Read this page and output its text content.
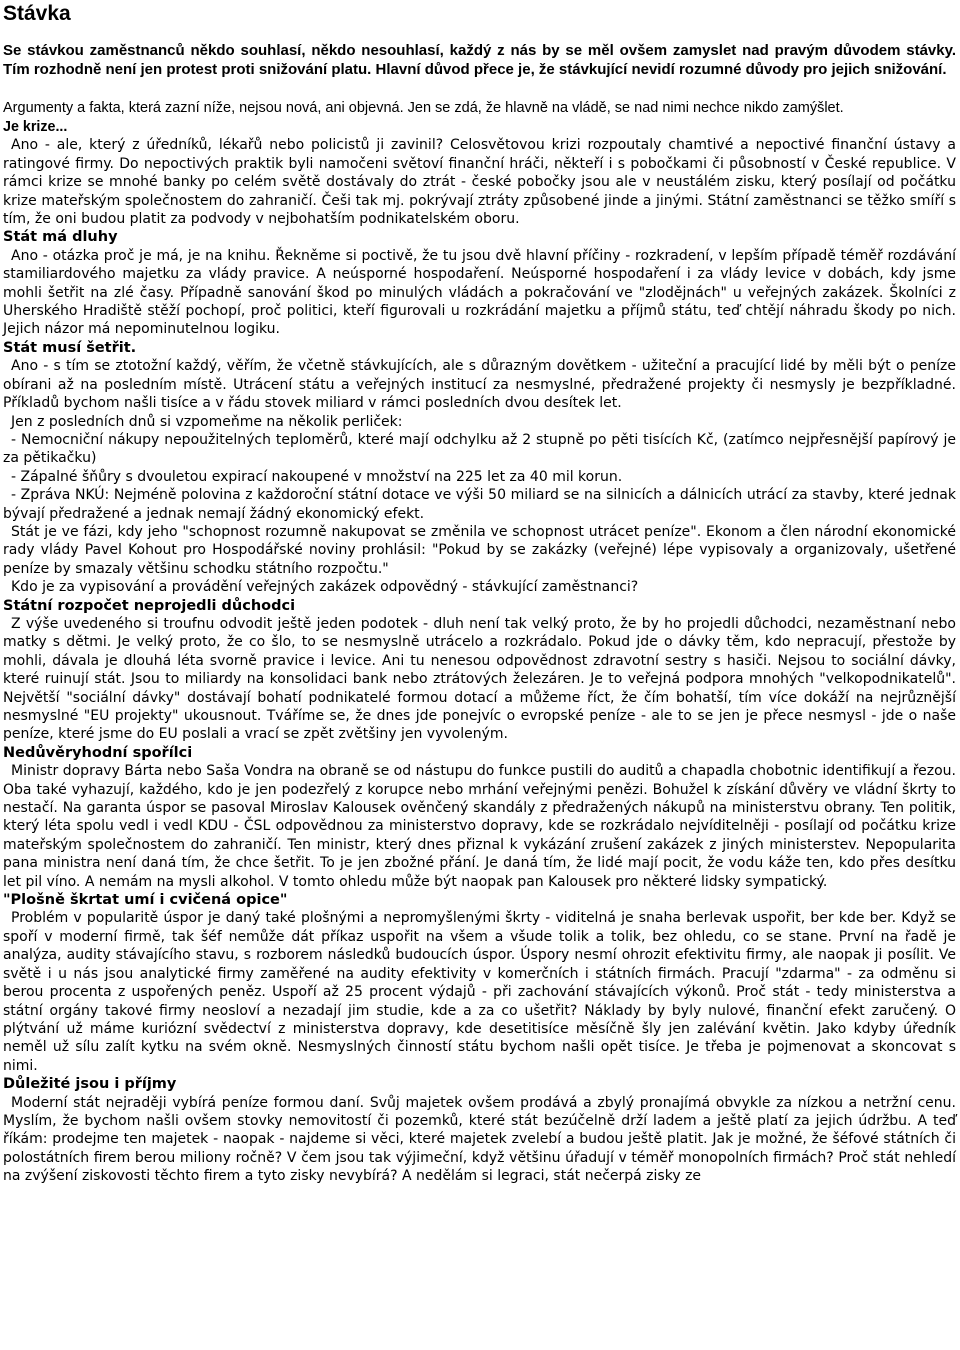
Stávka

Se stávkou zaměstnanců někdo souhlasí, někdo nesouhlasí, každý z nás by se měl ovšem zamyslet nad pravým důvodem stávky. Tím rozhodně není jen protest proti snižování platu. Hlavní důvod přece je, že stávkující nevidí rozumné důvody pro jejich snižování.

Argumenty a fakta, která zazní níže, nejsou nová, ani objevná. Jen se zdá, že hlavně na vládě, se nad nimi nechce nikdo zamýšlet.

Je krize...

Ano - ale, který z úředníků, lékařů nebo policistů ji zavinil? Celosvětovou krizi rozpoutaly chamtivé a nepoctivé finanční ústavy a ratingové firmy. Do nepoctivých praktik byli namočeni světoví finanční hráči, někteří i s pobočkami či působností v České republice. V rámci krize se mnohé banky po celém světě dostávaly do ztrát - české pobočky jsou ale v neustálém zisku, který posílají od počátku krize mateřským společnostem do zahraničí. Češi tak mj. pokrývají ztráty způsobené jinde a jinými. Státní zaměstnanci se těžko smíří s tím, že oni budou platit za podvody v nejbohatším podnikatelském oboru.

Stát má dluhy

Ano - otázka proč je má, je na knihu. Řekněme si poctivě, že tu jsou dvě hlavní příčiny - rozkradení, v lepším případě téměř rozdávání stamiliardového majetku za vlády pravice. A neúsporné hospodaření. Neúsporné hospodaření i za vlády levice v dobách, kdy jsme mohli šetřit na zlé časy. Případně sanování škod po minulých vládách a pokračování ve "zlodějnách" u veřejných zakázek. Školníci z Uherského Hradiště stěží pochopí, proč politici, kteří figurovali u rozkrádání majetku a příjmů státu, teď chtějí náhradu škody po nich. Jejich názor má nepominutelnou logiku.

Stát musí šetřit.

Ano - s tím se ztotožní každý, věřím, že včetně stávkujících, ale s důrazným dovětkem - užiteční a pracující lidé by měli být o peníze obírani až na posledním místě. Utrácení státu a veřejných institucí za nesmyslné, předražené projekty či nesmysly je bezpříkladné. Příkladů bychom našli tisíce a v řádu stovek miliard v rámci posledních dvou desítek let.

Jen z posledních dnů si vzpomeňme na několik perliček:

- Nemocniční nákupy nepoužitelných teploměrů, které mají odchylku až 2 stupně po pěti tisících Kč, (zatímco nejpřesnější papírový je za pětikačku)

- Zápalné šňůry s dvouletou expirací nakoupené v množství na 225 let za 40 mil korun.

- Zpráva NKÚ: Nejméně polovina z každoroční státní dotace ve výši 50 miliard se na silnicích a dálnicích utrácí za stavby, které jednak bývají předražené a jednak nemají žádný ekonomický efekt.

Stát je ve fázi, kdy jeho "schopnost rozumně nakupovat se změnila ve schopnost utrácet peníze". Ekonom a člen národní ekonomické rady vlády Pavel Kohout pro Hospodářské noviny prohlásil: "Pokud by se zakázky (veřejné) lépe vypisovaly a organizovaly, ušetřené peníze by smazaly většinu schodku státního rozpočtu."

Kdo je za vypisování a provádění veřejných zakázek odpovědný - stávkující zaměstnanci?

Státní rozpočet neprojedli důchodci

Z výše uvedeného si troufnu odvodit ještě jeden podotek - dluh není tak velký proto, že by ho projedli důchodci, nezaměstnaní nebo matky s dětmi. Je velký proto, že co šlo, to se nesmyslně utrácelo a rozkrádalo. Pokud jde o dávky těm, kdo nepracují, přestože by mohli, dávala je dlouhá léta svorně pravice i levice. Ani tu nenesou odpovědnost zdravotní sestry s hasiči. Nejsou to sociální dávky, které ruinují stát. Jsou to miliardy na konsolidaci bank nebo ztrátových železáren. Je to veřejná podpora mnohých "velkopodnikatelů". Největší "sociální dávky" dostávají bohatí podnikatelé formou dotací a můžeme říct, že čím bohatší, tím více dokáží na nejrůznější nesmyslné "EU projekty" ukousnout. Tváříme se, že dnes jde ponejvíc o evropské peníze - ale to se jen je přece nesmysl - jde o naše peníze, které jsme do EU poslali a vrací se zpět zvětšiny jen vyvoleným.

Nedůvěryhodní spořílci

Ministr dopravy Bárta nebo Saša Vondra na obraně se od nástupu do funkce pustili do auditů a chapadla chobotnic identifikují a řezou. Oba také vyhazují, každého, kdo je jen podezřelý z korupce nebo mrhání veřejnými penězi. Bohužel k získání důvěry ve vládní škrty to nestačí. Na garanta úspor se pasoval Miroslav Kalousek ověnčený skandály z předražených nákupů na ministerstvu obrany. Ten politik, který léta spolu vedl i vedl KDU - ČSL odpovědnou za ministerstvo dopravy, kde se rozkrádalo nejvíditelněji - posílají od počátku krize mateřským společnostem do zahraničí. Ten ministr, který dnes přiznal k vykázání zrušení zakázek z jiných ministerstev. Nepopularita pana ministra není daná tím, že chce šetřit. To je jen zbožné přání. Je daná tím, že lidé mají pocit, že vodu káže ten, kdo přes desítku let pil víno. A nemám na mysli alkohol. V tomto ohledu může být naopak pan Kalousek pro některé lidsky sympatický.

"Plošně škrtat umí i cvičená opice"

Problém v popularitě úspor je daný také plošnými a nepromyšlenými škrty - viditelná je snaha berlevak uspořit, ber kde ber. Když se spoří v moderní firmě, tak šéf nemůže dát příkaz uspořit na všem a všude tolik a tolik, bez ohledu, co se stane. První na řadě je analýza, audity stávajícího stavu, s rozborem následků budoucích úspor. Úspory nesmí ohrozit efektivitu firmy, ale naopak ji posílit. Ve světě i u nás jsou analytické firmy zaměřené na audity efektivity v komerčních i státních firmách. Pracují "zdarma" - za odměnu si berou procenta z uspořených peněz. Uspoří až 25 procent výdajů - při zachování stávajících výkonů. Proč stát - tedy ministerstva a státní orgány takové firmy neosloví a nezadají jim studie, kde a za co ušetřit? Náklady by byly nulové, finanční efekt zaručený. O plýtvání už máme kuriózní svědectví z ministerstva dopravy, kde desetitisíce měsíčně šly jen zalévání květin. Jako kdyby úředník neměl už sílu zalít kytku na svém okně. Nesmyslných činností státu bychom našli opět tisíce. Je třeba je pojmenovat a skoncovat s nimi.

Důležité jsou i příjmy

Moderní stát nejraději vybírá peníze formou daní. Svůj majetek ovšem prodává a zbylý pronajímá obvykle za nízkou a netržní cenu. Myslím, že bychom našli ovšem stovky nemovitostí či pozemků, které stát bezúčelně drží ladem a ještě platí za jejich údržbu. A teď říkám: prodejme ten majetek - naopak - najdeme si věci, které majetek zvelebí a budou ještě platit. Jak je možné, že šéfové státních či polostátních firem berou miliony ročně? V čem jsou tak výjimeční, když většinu úřadují v téměř monopolních firmách? Proč stát nehledí na zvýšení ziskovosti těchto firem a tyto zisky nevybírá? A nedělám si legraci, stát nečerpá zisky ze
